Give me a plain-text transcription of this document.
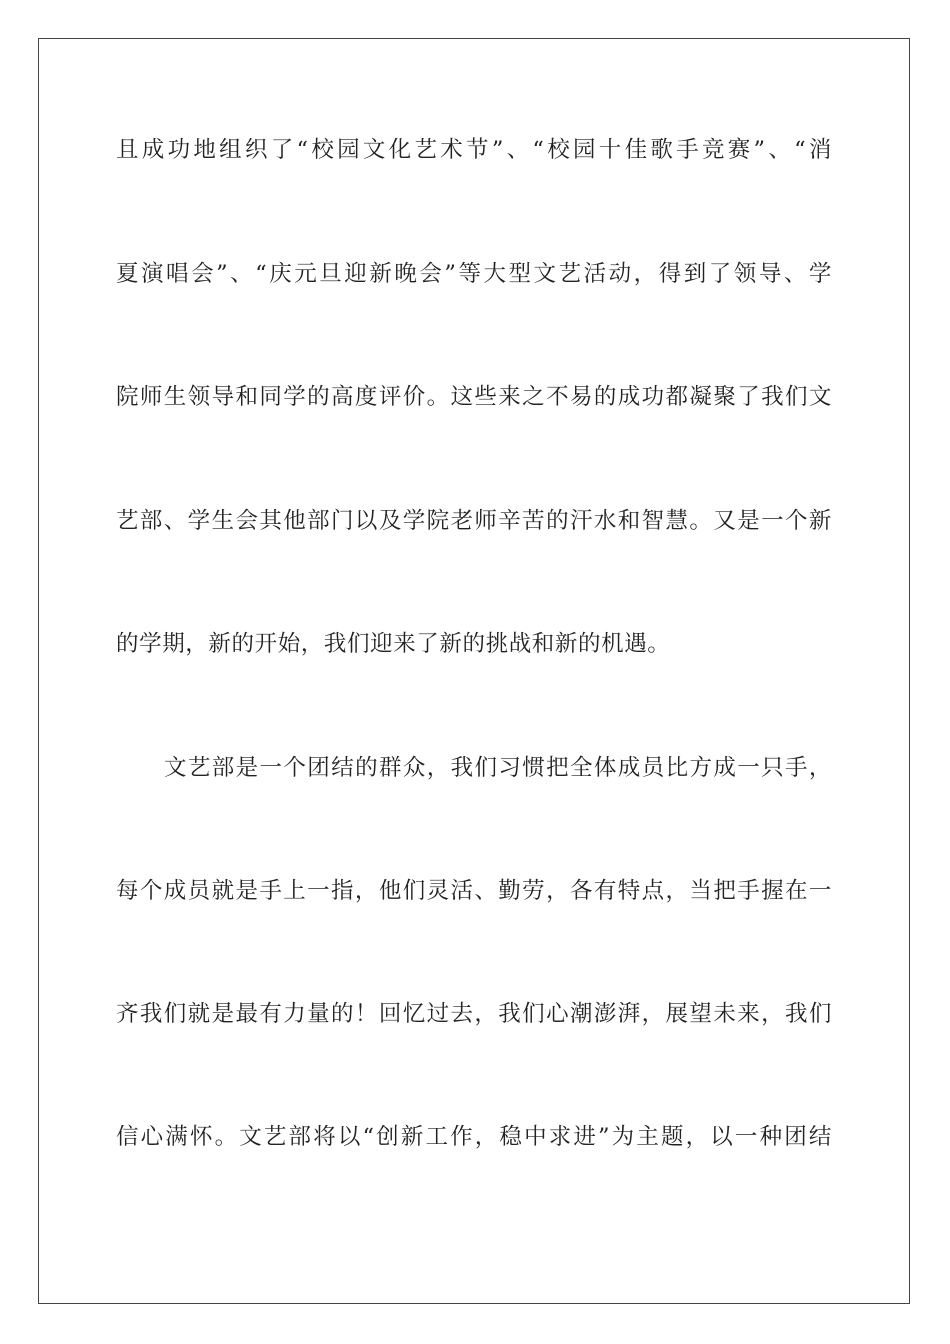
且成功地组织了“校园文化艺术节”、“校园十佳歌手竞赛”、“消
夏演唱会”、“庆元旦迎新晚会”等大型文艺活动，得到了领导、学
院师生领导和同学的高度评价。这些来之不易的成功都凝聚了我们文
艺部、学生会其他部门以及学院老师辛苦的汗水和智慧。又是一个新
的学期，新的开始，我们迎来了新的挑战和新的机遇。
文艺部是一个团结的群众，我们习惯把全体成员比方成一只手，
每个成员就是手上一指，他们灵活、勤劳，各有特点，当把手握在一
齐我们就是最有力量的！回忆过去，我们心潮澎湃，展望未来，我们
信心满怀。文艺部将以“创新工作，稳中求进”为主题，以一种团结
